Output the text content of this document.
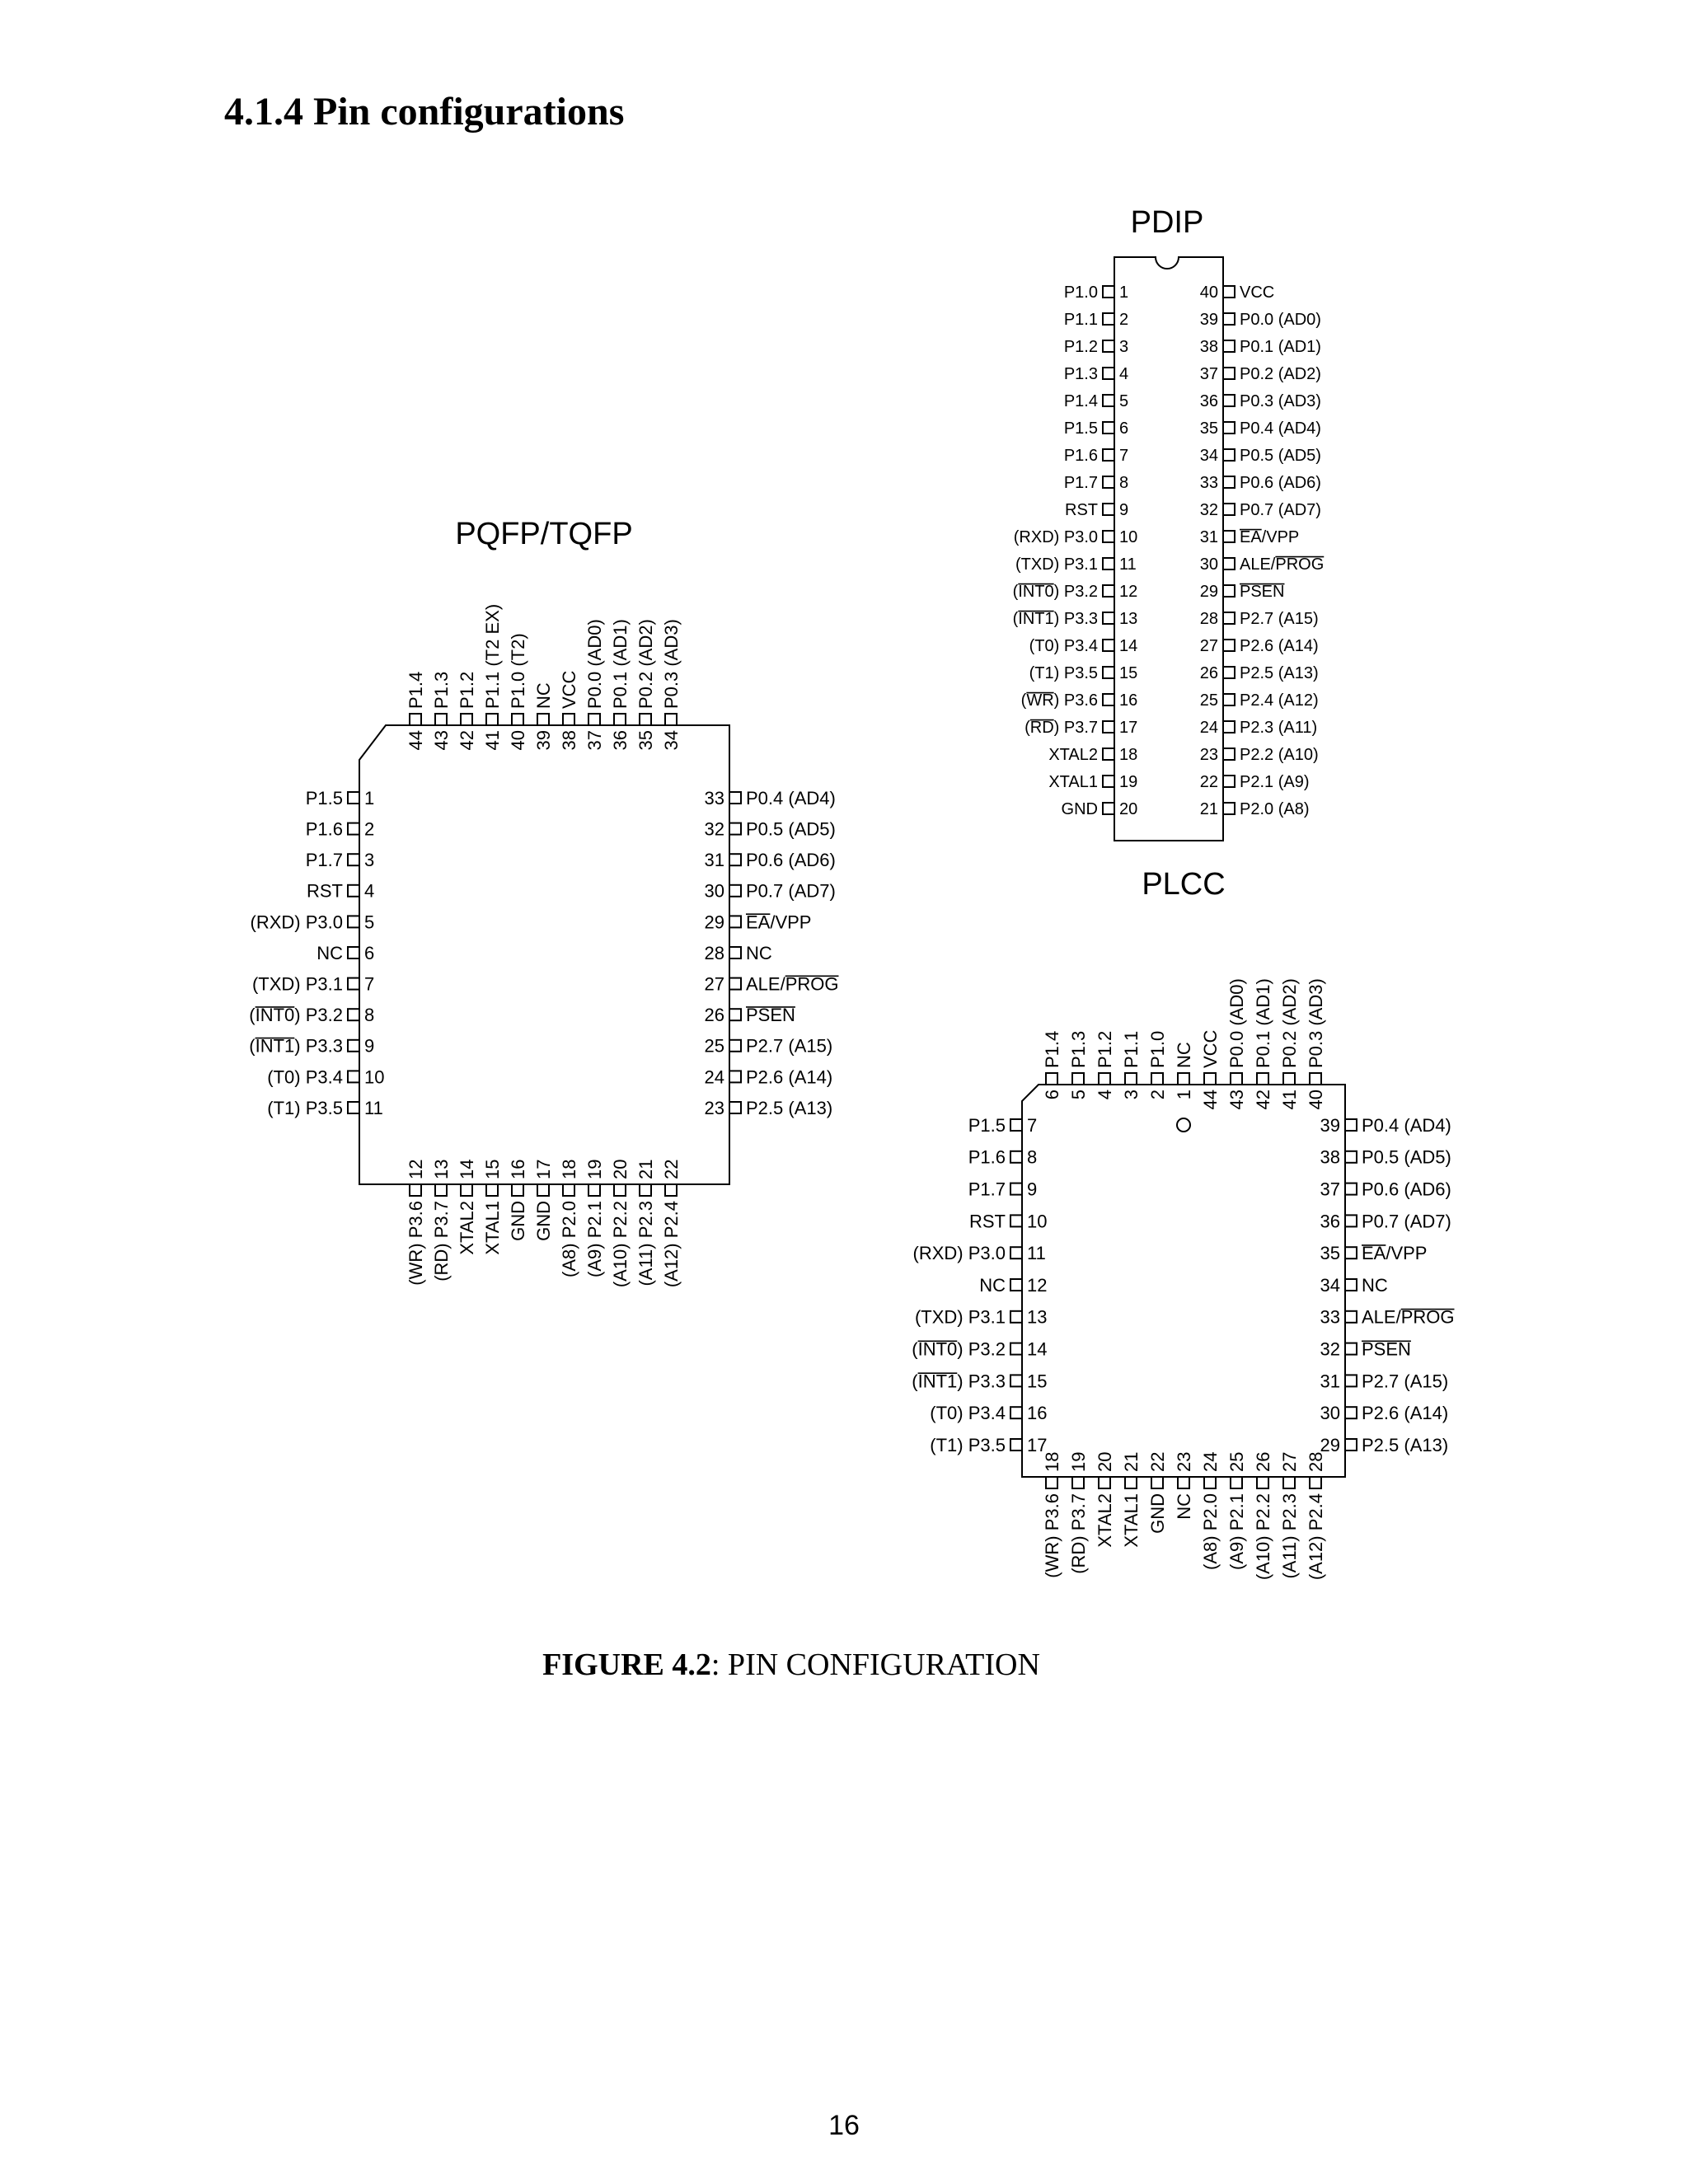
4.1.4 Pin configurations
PQFP/TQFP
1
P1.5
2
P1.6
3
P1.7
4
RST
5
(RXD) P3.0
6
NC
7
(TXD) P3.1
8
(INT0) P3.2
9
(INT1) P3.3
10
(T0) P3.4
11
(T1) P3.5
33 P0.4 (AD4)
32 P0.5 (AD5)
31 P0.6 (AD6)
30 P0.7 (AD7)
29 EA/VPP
28 NC
27 ALE/PROG
26 PSEN
25 P2.7 (A15)
24 P2.6 (A14)
23 P2.5 (A13)
44
P1.4
43
P1.3
42
P1.2
41
P1.1 (T2 EX)
40
P1.0 (T2)
39
NC
38
VCC
37
P0.0 (AD0)
36
P0.1 (AD1)
35
P0.2 (AD2)
34
P0.3 (AD3)
12
(WR) P3.6
13
(RD) P3.7
14
XTAL2
15
XTAL1
16
GND
17
GND
18
(A8) P2.0
19
(A9) P2.1
20
(A10) P2.2
21
(A11) P2.3
22
(A12) P2.4
PDIP
1
P1.0
2
P1.1
3
P1.2
4
P1.3
5
P1.4
6
P1.5
7
P1.6
8
P1.7
9
RST
10
(RXD) P3.0
11
(TXD) P3.1
12
(INT0) P3.2
13
(INT1) P3.3
14
(T0) P3.4
15
(T1) P3.5
16
(WR) P3.6
17
(RD) P3.7
18
XTAL2
19
XTAL1
20
GND
40 VCC
39 P0.0 (AD0)
38 P0.1 (AD1)
37 P0.2 (AD2)
36 P0.3 (AD3)
35 P0.4 (AD4)
34 P0.5 (AD5)
33 P0.6 (AD6)
32 P0.7 (AD7)
31 EA/VPP
30 ALE/PROG
29 PSEN
28 P2.7 (A15)
27 P2.6 (A14)
26 P2.5 (A13)
25 P2.4 (A12)
24 P2.3 (A11)
23 P2.2 (A10)
22 P2.1 (A9)
21 P2.0 (A8)
PLCC
7
P1.5
8
P1.6
9
P1.7
10
RST
11
(RXD) P3.0
12
NC
13
(TXD) P3.1
14
(INT0) P3.2
15
(INT1) P3.3
16
(T0) P3.4
17
(T1) P3.5
39 P0.4 (AD4)
38 P0.5 (AD5)
37 P0.6 (AD6)
36 P0.7 (AD7)
35 EA/VPP
34 NC
33 ALE/PROG
32 PSEN
31 P2.7 (A15)
30 P2.6 (A14)
29 P2.5 (A13)
6
P1.4
5
P1.3
4
P1.2
3
P1.1
2
P1.0
1
NC
44
VCC
43
P0.0 (AD0)
42
P0.1 (AD1)
41
P0.2 (AD2)
40
P0.3 (AD3)
18
(WR) P3.6
19
(RD) P3.7
20
XTAL2
21
XTAL1
22
GND
23
NC
24
(A8) P2.0
25
(A9) P2.1
26
(A10) P2.2
27
(A11) P2.3
28
(A12) P2.4
FIGURE 4.2: PIN CONFIGURATION
16
